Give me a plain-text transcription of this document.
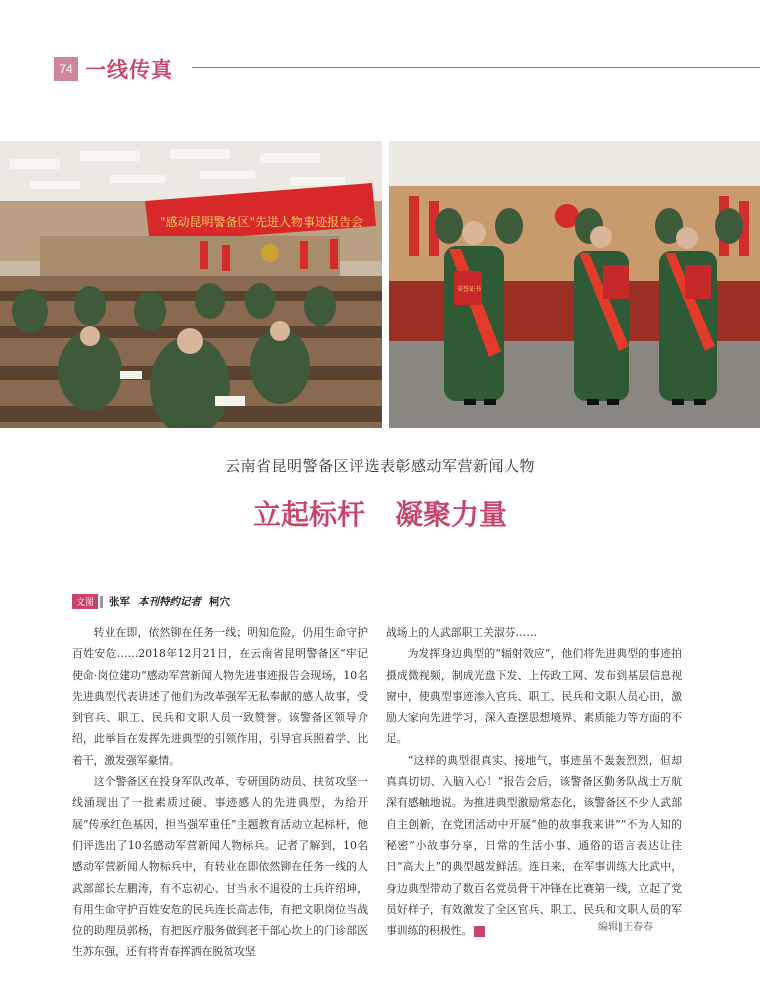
74 一线传真
"感动昆明警备区"先进人物事迹报告会
荣誉证书
云南省昆明警备区评选表彰感动军营新闻人物
立起标杆 凝聚力量
文图 张军 本刊特约记者 柯穴

转业在即，依然铆在任务一线；明知危险，仍用生命守护百姓安危……2018年12月21日，在云南省昆明警备区“牢记使命·岗位建功”感动军营新闻人物先进事迹报告会现场，10名先进典型代表讲述了他们为改革强军无私奉献的感人故事，受到官兵、职工、民兵和文职人员一致赞誉。该警备区领导介绍，此举旨在发挥先进典型的引领作用，引导官兵照着学、比着干，激发强军豪情。

这个警备区在投身军队改革、专研国防动员、扶贫攻坚一线涌现出了一批素质过硬、事迹感人的先进典型，为给开展“传承红色基因，担当强军重任”主题教育活动立起标杆，他们评选出了10名感动军营新闻人物标兵。记者了解到，10名感动军营新闻人物标兵中，有转业在即依然铆在任务一线的人武部部长左鹏涛，有不忘初心、甘当永不退役的士兵许绍坤，有用生命守护百姓安危的民兵连长高志伟，有把文职岗位当战位的助理员郭杨，有把医疗服务做到老干部心坎上的门诊部医生苏东强，还有将青春挥洒在脱贫攻坚

战场上的人武部职工关淑芬……

为发挥身边典型的“辐射效应”，他们将先进典型的事迹拍摄成微视频，制成光盘下发、上传政工网、发布到基层信息视窗中，使典型事迹渗入官兵、职工、民兵和文职人员心田，激励大家向先进学习，深入查摆思想境界、素质能力等方面的不足。

“这样的典型很真实、接地气，事迹虽不轰轰烈烈，但却真真切切、入脑入心！”报告会后，该警备区勤务队战士万航深有感触地说。为推进典型激励常态化，该警备区不少人武部自主创新，在党团活动中开展“他的故事我来讲”“不为人知的秘密”小故事分享，日常的生活小事、通俗的语言表达让往日“高大上”的典型越发鲜活。连日来，在军事训练大比武中，身边典型带动了数百名党员骨干冲锋在比赛第一线，立起了党员好样子，有效激发了全区官兵、职工、民兵和文职人员的军事训练的积极性。	G	编辑∥王春春
